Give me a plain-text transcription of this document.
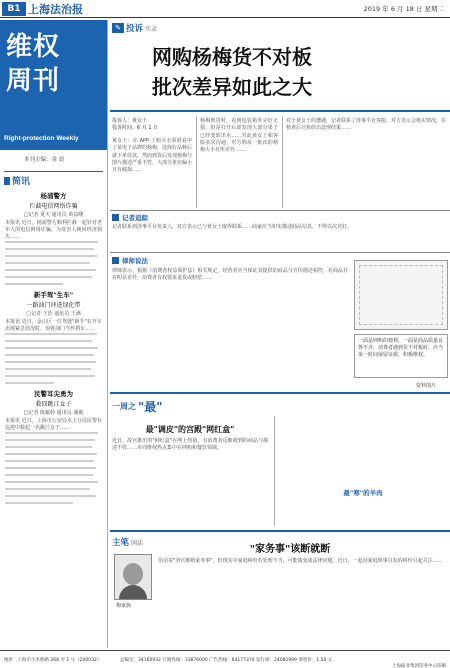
B1 上海法治报	2019 年 6 月 18 日 星期二
维权
周刊
Right-protection Weekly
本刊主编：金 晨
简讯
杨浦警方
拦截电信网络诈骗
□记者 夏天 通讯员 黄益曙
本报讯 近日，杨浦警方顺利拦截一起针对老年人的电信网络诈骗，为受害人挽回经济损失……
新手驾"生车"
一路油门冲进绿化带
□记者 王浩 通讯员 王满
本报讯 近日，金山区一位驾驶"新手"在开车出现紧急状况时，误将油门当作刹车……
民警耳尖勇为
救回跳江女子
□记者 陈颖婷 通讯员 潘俊
本报讯 近日，上海市公安局水上分局民警在巡逻中救起一名跳江女子……
✎ 投诉 实录
网购杨梅货不对板
批次差异如此之大
投诉人：黄女士
投诉时间：6 月 1 日
黄女士：在 APP 上购买水果时看中了某电子品牌的杨梅，选择好品种后就下单付款，然而到货后发现杨梅与图片描述严重不符，大部分果实偏小且有破损……
杨梅到货时，看到包装箱外完好无损，但是打开后却发现大部分果子已经变软出水……对此黄女士和客服多次沟通，对方称每一批次的杨梅大小有所差异……
对于黄女士的遭遇，记者联系了涉事平台客服，对方表示会核实情况，在核查后尽快给出处理结果……
记者追踪
记者联系到涉事平台负责人，对方表示已与黄女士取得联系……商家应当如实描述商品信息，不得以次充好。
律师说法
律师表示，根据《消费者权益保护法》相关规定，经营者应当保证其提供的商品与宣传描述相符，若商品存在明显差异，消费者有权要求退货或赔偿……
一面是网购的便利，一面是商品质量良莠不齐，消费者遇到货不对板时，应当第一时间保留证据，积极维权。
资料图片
一周之 "最"
最"调皮"的宫殿"网红盒"
近日，故宫推出的"网红盒"在网上热销，有消费者反映收到的商品与描述不符……本周维权热点集中在网购和餐饮领域。
最"寒"的羊肉
主笔 闲话
"家务事"该断就断
梅家驹
俗话说"清官难断家务事"，但现实中家庭纠纷若处理不当，可能演变成法律问题。近日，一起因家庭琐事引发的纠纷引起关注……
地址：上海市小木桥路 268 弄 1 号（200032）	总编室：34160932 订阅热线：33876000 广告热线：64177374 发行部：24081999 零售价：1.50 元
上海报业集团印务中心印刷
